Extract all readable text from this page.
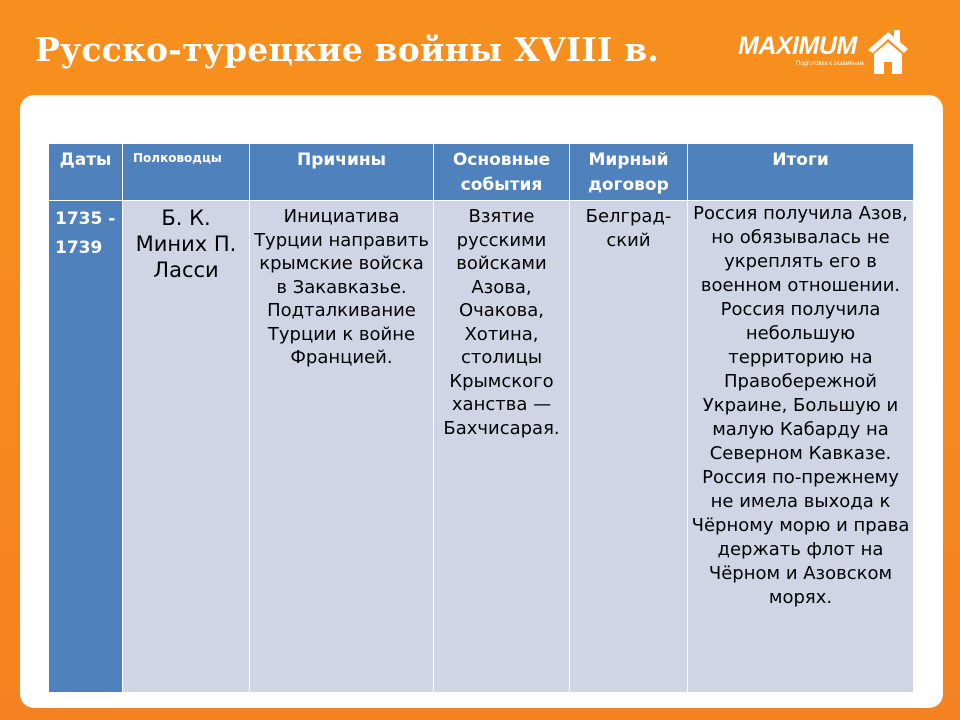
Русско-турецкие войны XVIII в.	MAXIMUM
Подготовка к экзаменам
Даты	Полководцы	Причины	Основные события	Мирный договор	Итоги
1735 - 1739	Б. К. Миних П. Ласси	Инициатива Турции направить крымские войска в Закавказье. Подталкивание Турции к войне Францией.	Взятие русскими войсками Азова, Очакова, Хотина, столицы Крымского ханства — Бахчисарая.	Белград-ский	Россия получила Азов, но обязывалась не укреплять его в военном отношении. Россия получила небольшую территорию на Правобережной Украине, Большую и малую Кабарду на Северном Кавказе. Россия по-прежнему не имела выхода к Чёрному морю и права держать флот на Чёрном и Азовском морях.
